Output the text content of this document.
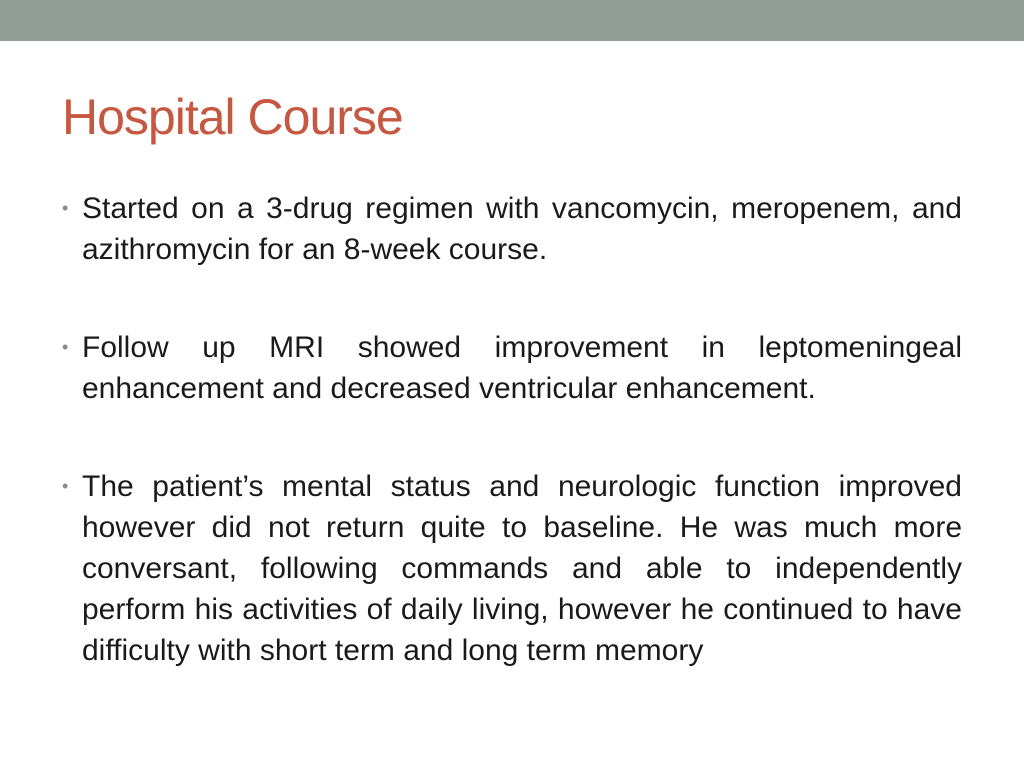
Hospital Course
• Started on a 3-drug regimen with vancomycin, meropenem, and azithromycin for an 8-week course.
• Follow up MRI showed improvement in leptomeningeal enhancement and decreased ventricular enhancement.
• The patient’s mental status and neurologic function improved however did not return quite to baseline. He was much more conversant, following commands and able to independently perform his activities of daily living, however he continued to have difficulty with short term and long term memory
